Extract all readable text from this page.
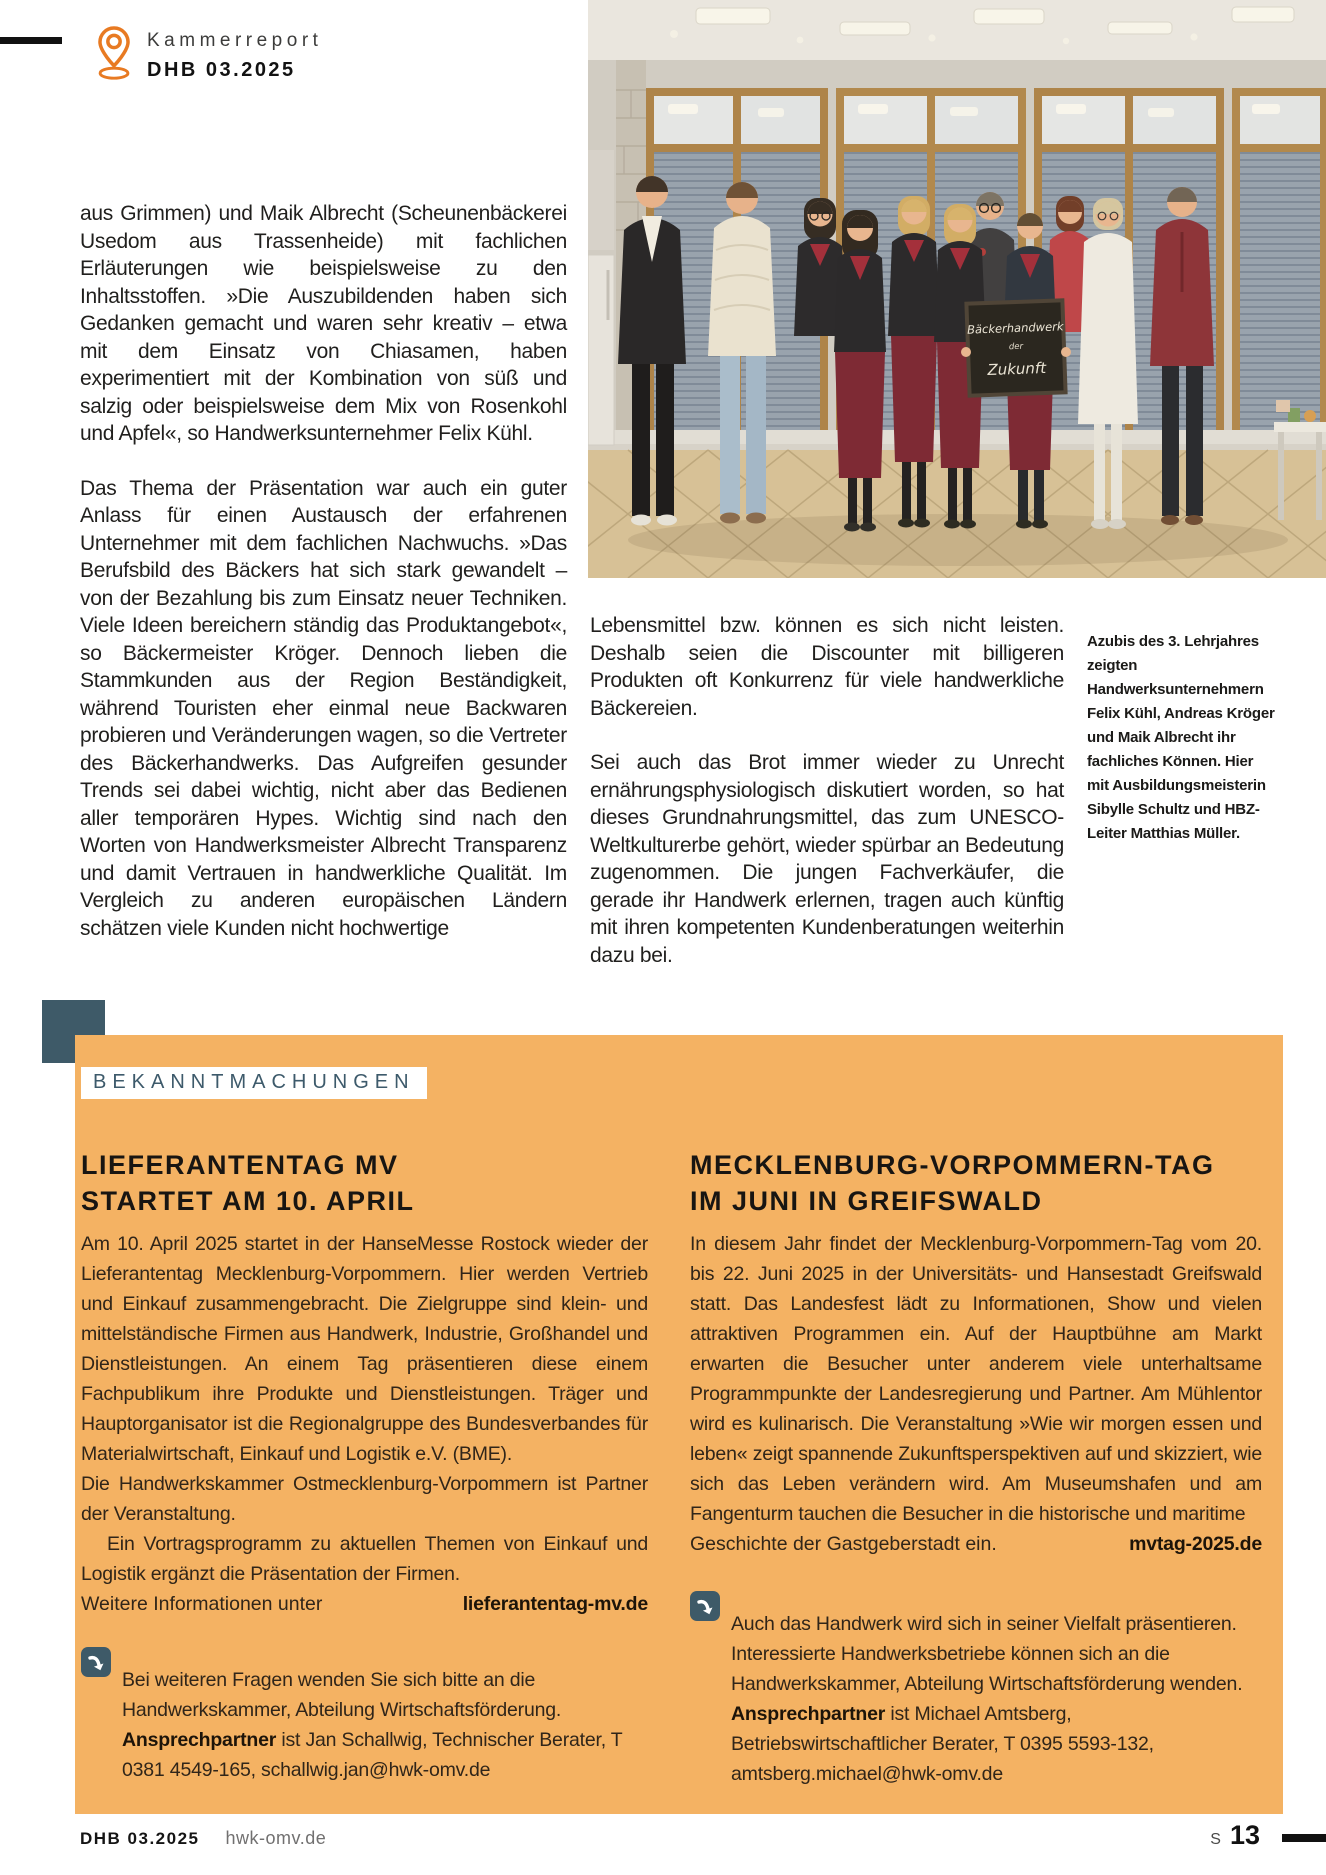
Kammerreport
DHB 03.2025
Bäckerhandwerk
der
Zukunft

aus Grimmen) und Maik Albrecht (Scheunenbäckerei Usedom aus Trassenheide) mit fachlichen Erläuterungen wie beispielsweise zu den Inhaltsstoffen. »Die Auszubildenden haben sich Gedanken gemacht und waren sehr kreativ – etwa mit dem Einsatz von Chiasamen, haben experimentiert mit der Kombination von süß und salzig oder beispielsweise dem Mix von Rosenkohl und Apfel«, so Handwerksunternehmer Felix Kühl.

Das Thema der Präsentation war auch ein guter Anlass für einen Austausch der erfahrenen Unternehmer mit dem fachlichen Nachwuchs. »Das Berufsbild des Bäckers hat sich stark gewandelt – von der Bezahlung bis zum Einsatz neuer Techniken. Viele Ideen bereichern ständig das Produktangebot«, so Bäckermeister Kröger. Dennoch lieben die Stammkunden aus der Region Beständigkeit, während Touristen eher einmal neue Backwaren probieren und Veränderungen wagen, so die Vertreter des Bäckerhandwerks. Das Aufgreifen gesunder Trends sei dabei wichtig, nicht aber das Bedienen aller temporären Hypes. Wichtig sind nach den Worten von Handwerksmeister Albrecht Transparenz und damit Vertrauen in handwerkliche Qualität. Im Vergleich zu anderen europäischen Ländern schätzen viele Kunden nicht hochwertige

Lebensmittel bzw. können es sich nicht leisten. Deshalb seien die Discounter mit billigeren Produkten oft Konkurrenz für viele handwerkliche Bäckereien.

Sei auch das Brot immer wieder zu Unrecht ernährungsphysiologisch diskutiert worden, so hat dieses Grundnahrungsmittel, das zum UNESCO-Weltkulturerbe gehört, wieder spürbar an Bedeutung zugenommen. Die jungen Fachverkäufer, die gerade ihr Handwerk erlernen, tragen auch künftig mit ihren kompetenten Kundenberatungen weiterhin dazu bei.

Azubis des 3. Lehrjahres zeigten Handwerksunternehmern Felix Kühl, Andreas Kröger und Maik Albrecht ihr fachliches Können. Hier mit Ausbildungsmeisterin Sibylle Schultz und HBZ-Leiter Matthias Müller.
BEKANNTMACHUNGEN
LIEFERANTENTAG MV
STARTET AM 10. APRIL

Am 10. April 2025 startet in der HanseMesse Rostock wieder der Lieferantentag Mecklenburg-Vorpommern. Hier werden Vertrieb und Einkauf zusammengebracht. Die Zielgruppe sind klein- und mittelständische Firmen aus Handwerk, Industrie, Großhandel und Dienstleistungen. An einem Tag präsentieren diese einem Fachpublikum ihre Produkte und Dienstleistungen. Träger und Hauptorganisator ist die Regionalgruppe des Bundesverbandes für Materialwirtschaft, Einkauf und Logistik e.V. (BME).

Die Handwerkskammer Ostmecklenburg-Vorpommern ist Partner der Veranstaltung.

Ein Vortragsprogramm zu aktuellen Themen von Einkauf und Logistik ergänzt die Präsentation der Firmen.

Weitere Informationen unter	lieferantentag-mv.de

Bei weiteren Fragen wenden Sie sich bitte an die Handwerkskammer, Abteilung Wirtschaftsförderung. Ansprechpartner ist Jan Schallwig, Technischer Berater, T 0381 4549-165, schallwig.jan@hwk-omv.de

MECKLENBURG-VORPOMMERN-TAG
IM JUNI IN GREIFSWALD

In diesem Jahr findet der Mecklenburg-Vorpommern-Tag vom 20. bis 22. Juni 2025 in der Universitäts- und Hansestadt Greifswald statt. Das Landesfest lädt zu Informationen, Show und vielen attraktiven Programmen ein. Auf der Hauptbühne am Markt erwarten die Besucher unter anderem viele unterhaltsame Programmpunkte der Landesregierung und Partner. Am Mühlentor wird es kulinarisch. Die Veranstaltung »Wie wir morgen essen und leben« zeigt spannende Zukunftsperspektiven auf und skizziert, wie sich das Leben verändern wird. Am Museumshafen und am Fangenturm tauchen die Besucher in die historische und maritime

Geschichte der Gastgeberstadt ein.	mvtag-2025.de

Auch das Handwerk wird sich in seiner Vielfalt präsentieren. Interessierte Handwerksbetriebe können sich an die Handwerkskammer, Abteilung Wirtschaftsförderung wenden. Ansprechpartner ist Michael Amtsberg, Betriebswirtschaftlicher Berater, T 0395 5593-132, amtsberg.michael@hwk-omv.de

DHB 03.2025 hwk-omv.de	S 13
